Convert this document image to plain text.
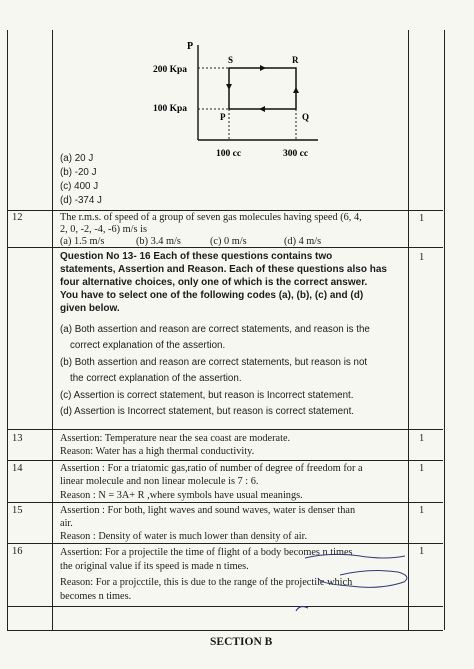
P
200 Kpa
100 Kpa
100 cc	300 cc
S	R
P	Q
(a) 20 J
(b) -20 J
(c) 400 J
(d) -374 J
12	The r.m.s. of speed of a group of seven gas molecules having speed (6, 4,
2, 0, -2, -4, -6) m/s is
(a) 1.5 m/s	(b) 3.4 m/s	(c) 0 m/s	(d) 4 m/s
1
Question No 13- 16 Each of these questions contains two
statements, Assertion and Reason. Each of these questions also has
four alternative choices, only one of which is the correct answer.
You have to select one of the following codes (a), (b), (c) and (d)
given below.
1
(a) Both assertion and reason are correct statements, and reason is the
correct explanation of the assertion.
(b) Both assertion and reason are correct statements, but reason is not
the correct explanation of the assertion.
(c) Assertion is correct statement, but reason is Incorrect statement.
(d) Assertion is Incorrect statement, but reason is correct statement.
13	Assertion: Temperature near the sea coast are moderate.
Reason: Water has a high thermal conductivity.
1
14	Assertion : For a triatomic gas,ratio of number of degree of freedom for a
linear molecule and non linear molecule is 7 : 6.
Reason : N = 3A+ R ,where symbols have usual meanings.
1
15	Assertion : For both, light waves and sound waves, water is denser than
air.
Reason : Density of water is much lower than density of air.
1
16	Assertion: For a projectile the time of flight of a body becomes n times
the original value if its speed is made n times.
Reason: For a projcctile, this is due to the range of the projectile which
becomes n times.
1
SECTION B
